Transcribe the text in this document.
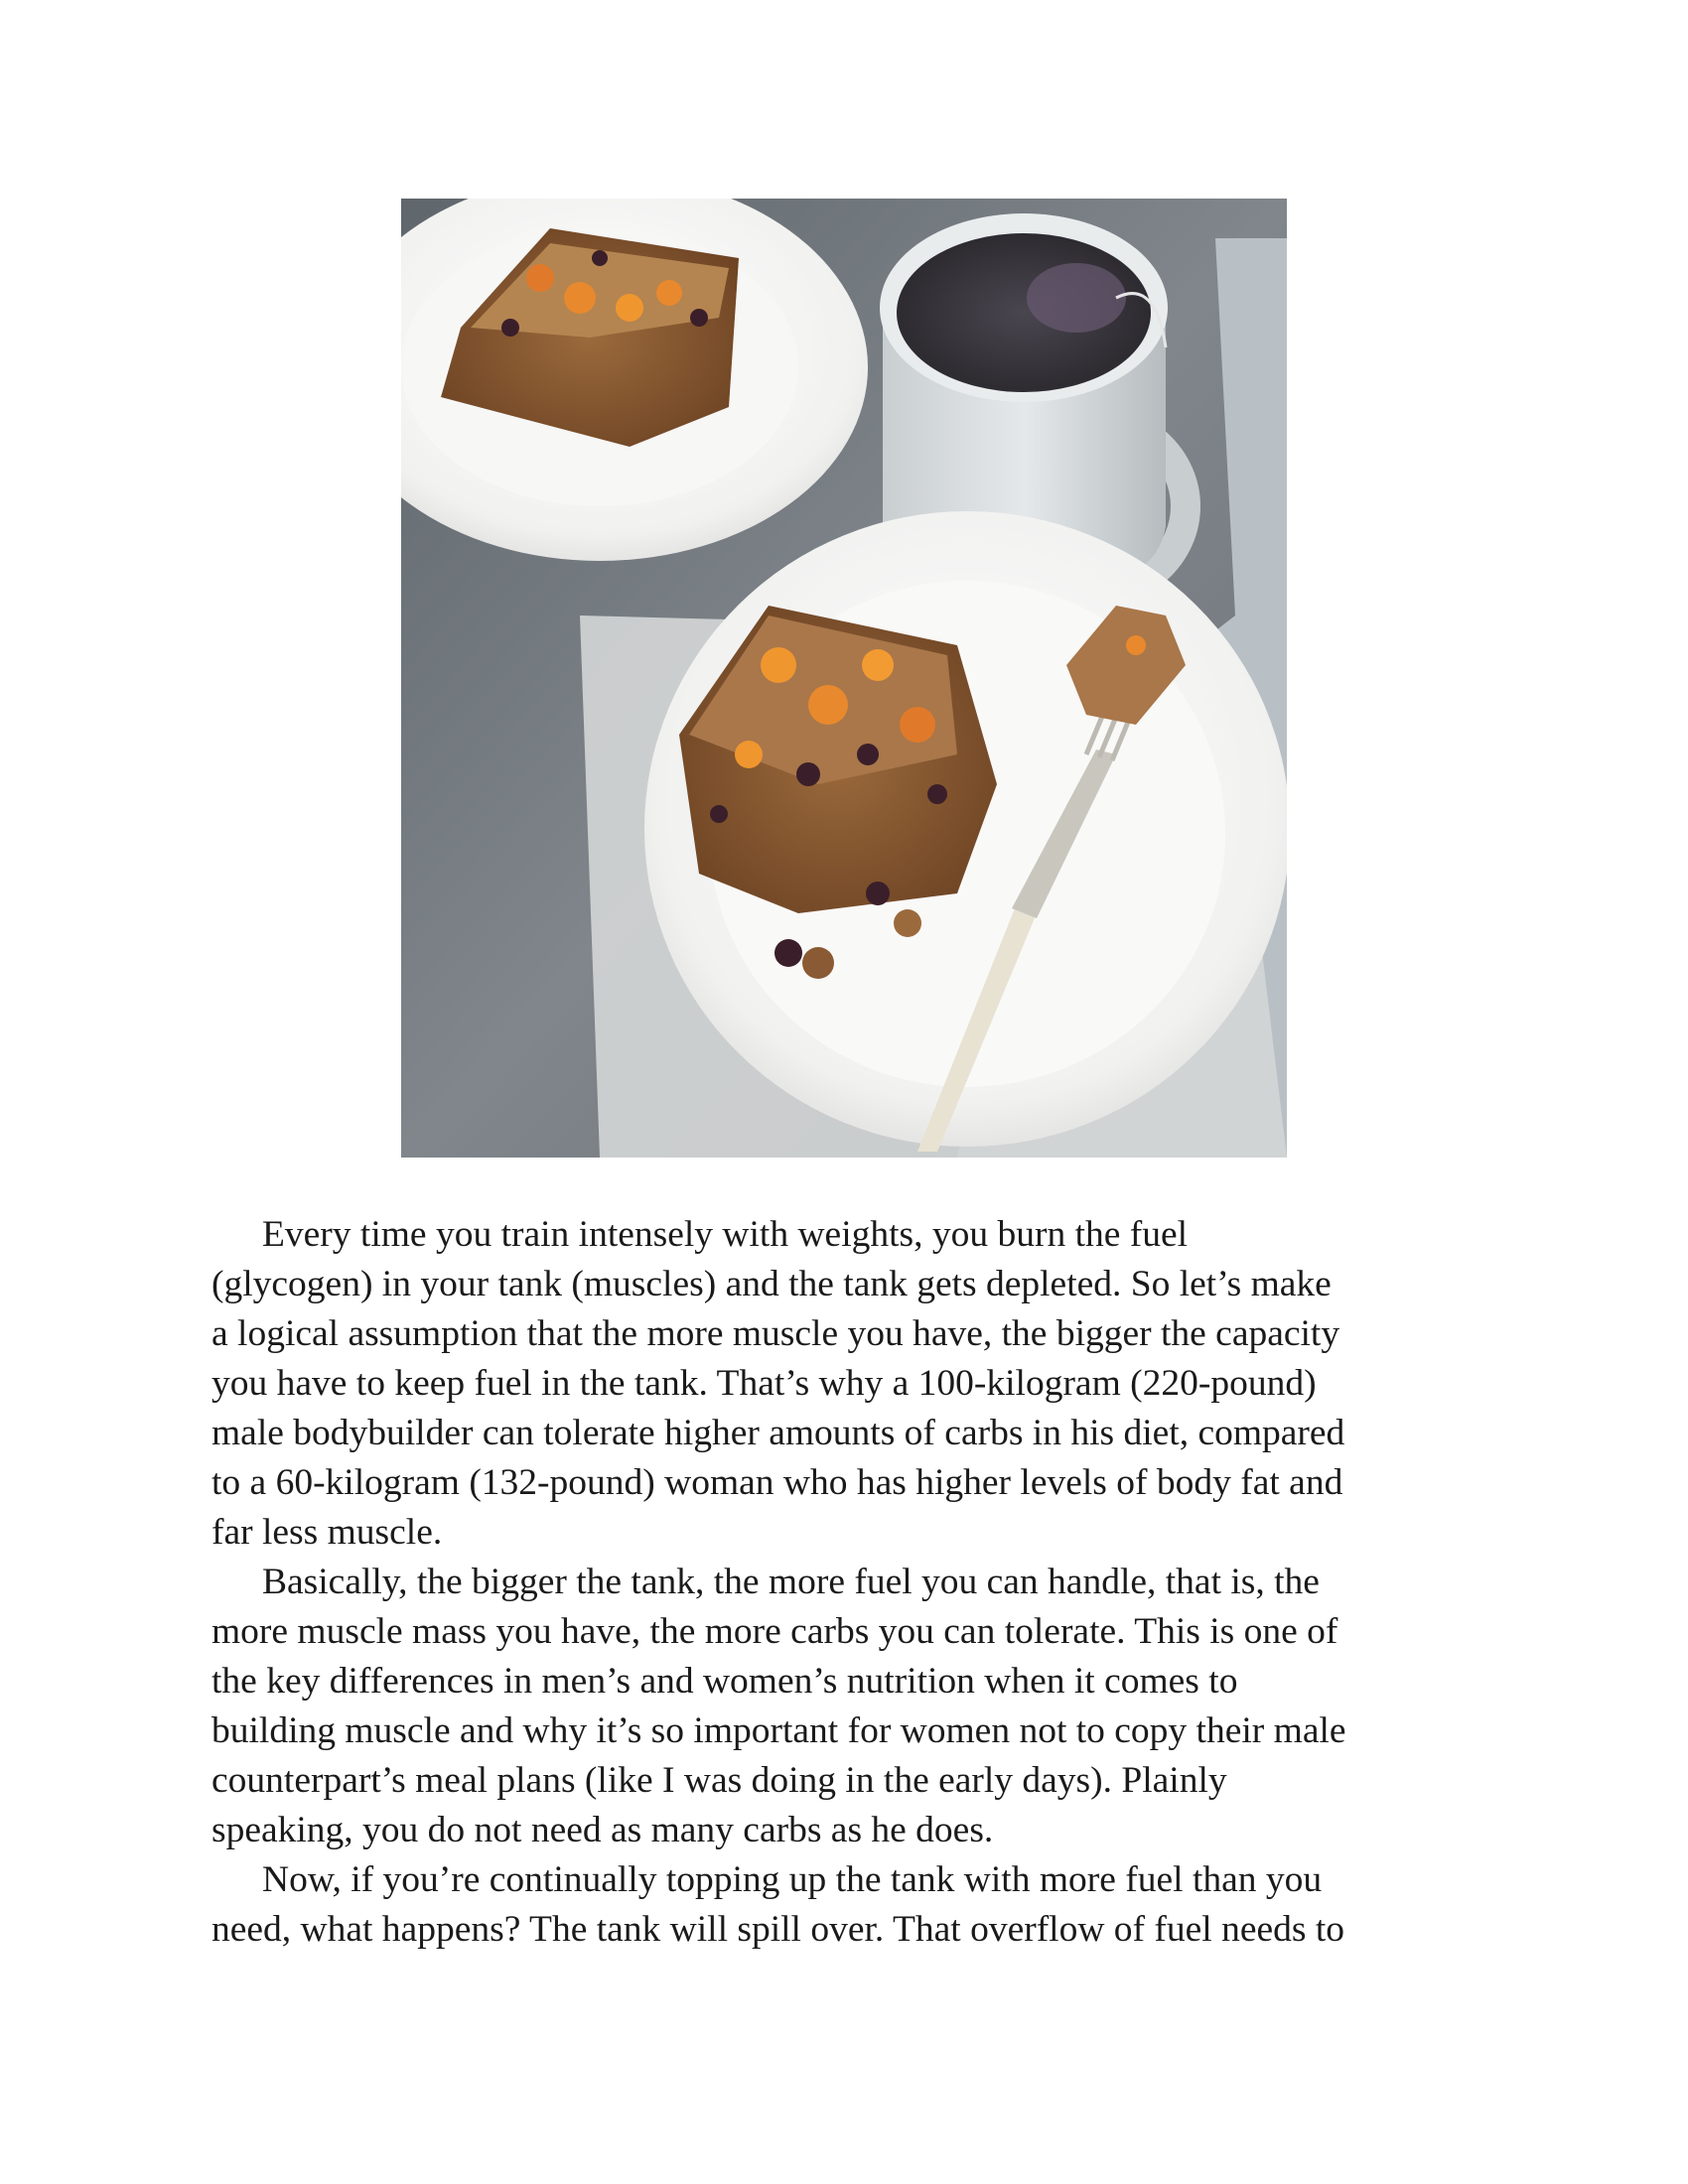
Every time you train intensely with weights, you burn the fuel
(glycogen) in your tank (muscles) and the tank gets depleted. So let’s make
a logical assumption that the more muscle you have, the bigger the capacity
you have to keep fuel in the tank. That’s why a 100-kilogram (220-pound)
male bodybuilder can tolerate higher amounts of carbs in his diet, compared
to a 60-kilogram (132-pound) woman who has higher levels of body fat and
far less muscle.

Basically, the bigger the tank, the more fuel you can handle, that is, the
more muscle mass you have, the more carbs you can tolerate. This is one of
the key differences in men’s and women’s nutrition when it comes to
building muscle and why it’s so important for women not to copy their male
counterpart’s meal plans (like I was doing in the early days). Plainly
speaking, you do not need as many carbs as he does.

Now, if you’re continually topping up the tank with more fuel than you
need, what happens? The tank will spill over. That overflow of fuel needs to
